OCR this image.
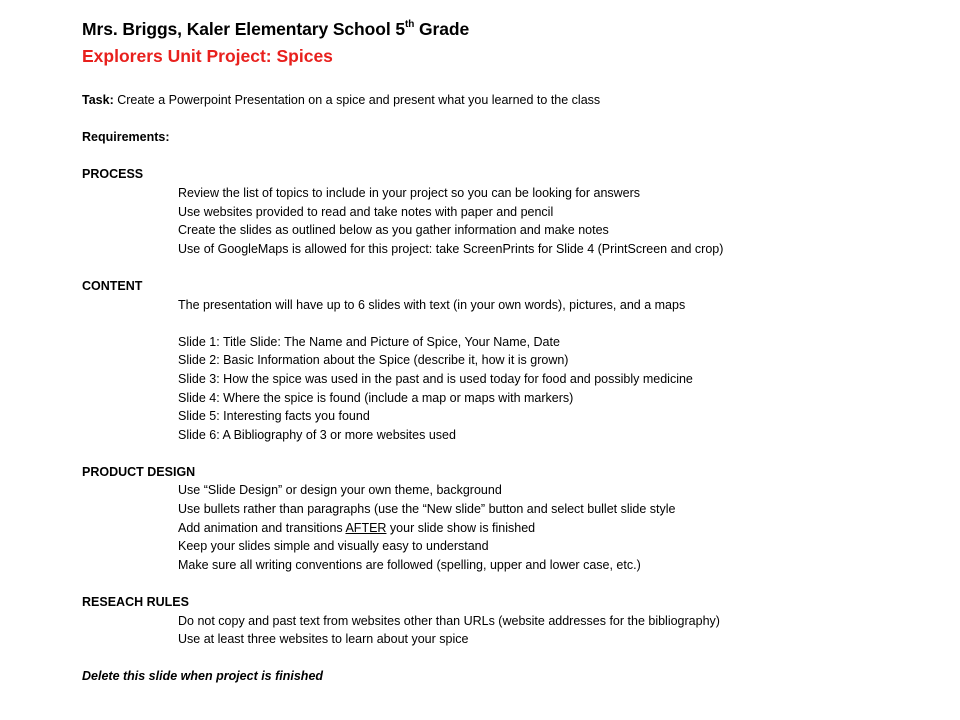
Mrs. Briggs, Kaler Elementary School 5th Grade
Explorers Unit Project: Spices
Task: Create a Powerpoint Presentation on a spice and present what you learned to the class
Requirements:
PROCESS
Review the list of topics to include in your project so you can be looking for answers
Use websites provided to read and take notes with paper and pencil
Create the slides as outlined below as you gather information and make notes
Use of GoogleMaps is allowed for this project: take ScreenPrints for Slide 4 (PrintScreen and crop)
CONTENT
The presentation will have up to 6 slides with text (in your own words), pictures, and a maps
Slide 1: Title Slide: The Name and Picture of Spice, Your Name, Date
Slide 2: Basic Information about the Spice (describe it, how it is grown)
Slide 3: How the spice was used in the past and is used today for food and possibly medicine
Slide 4: Where the spice is found (include a map or maps with markers)
Slide 5: Interesting facts you found
Slide 6: A Bibliography of 3 or more websites used
PRODUCT DESIGN
Use “Slide Design” or design your own theme, background
Use bullets rather than paragraphs (use the “New slide” button and select bullet slide style
Add animation and transitions AFTER your slide show is finished
Keep your slides simple and visually easy to understand
Make sure all writing conventions are followed (spelling, upper and lower case, etc.)
RESEACH RULES
Do not copy and past text from websites other than URLs (website addresses for the bibliography)
Use at least three websites to learn about your spice
Delete this slide when project is finished
